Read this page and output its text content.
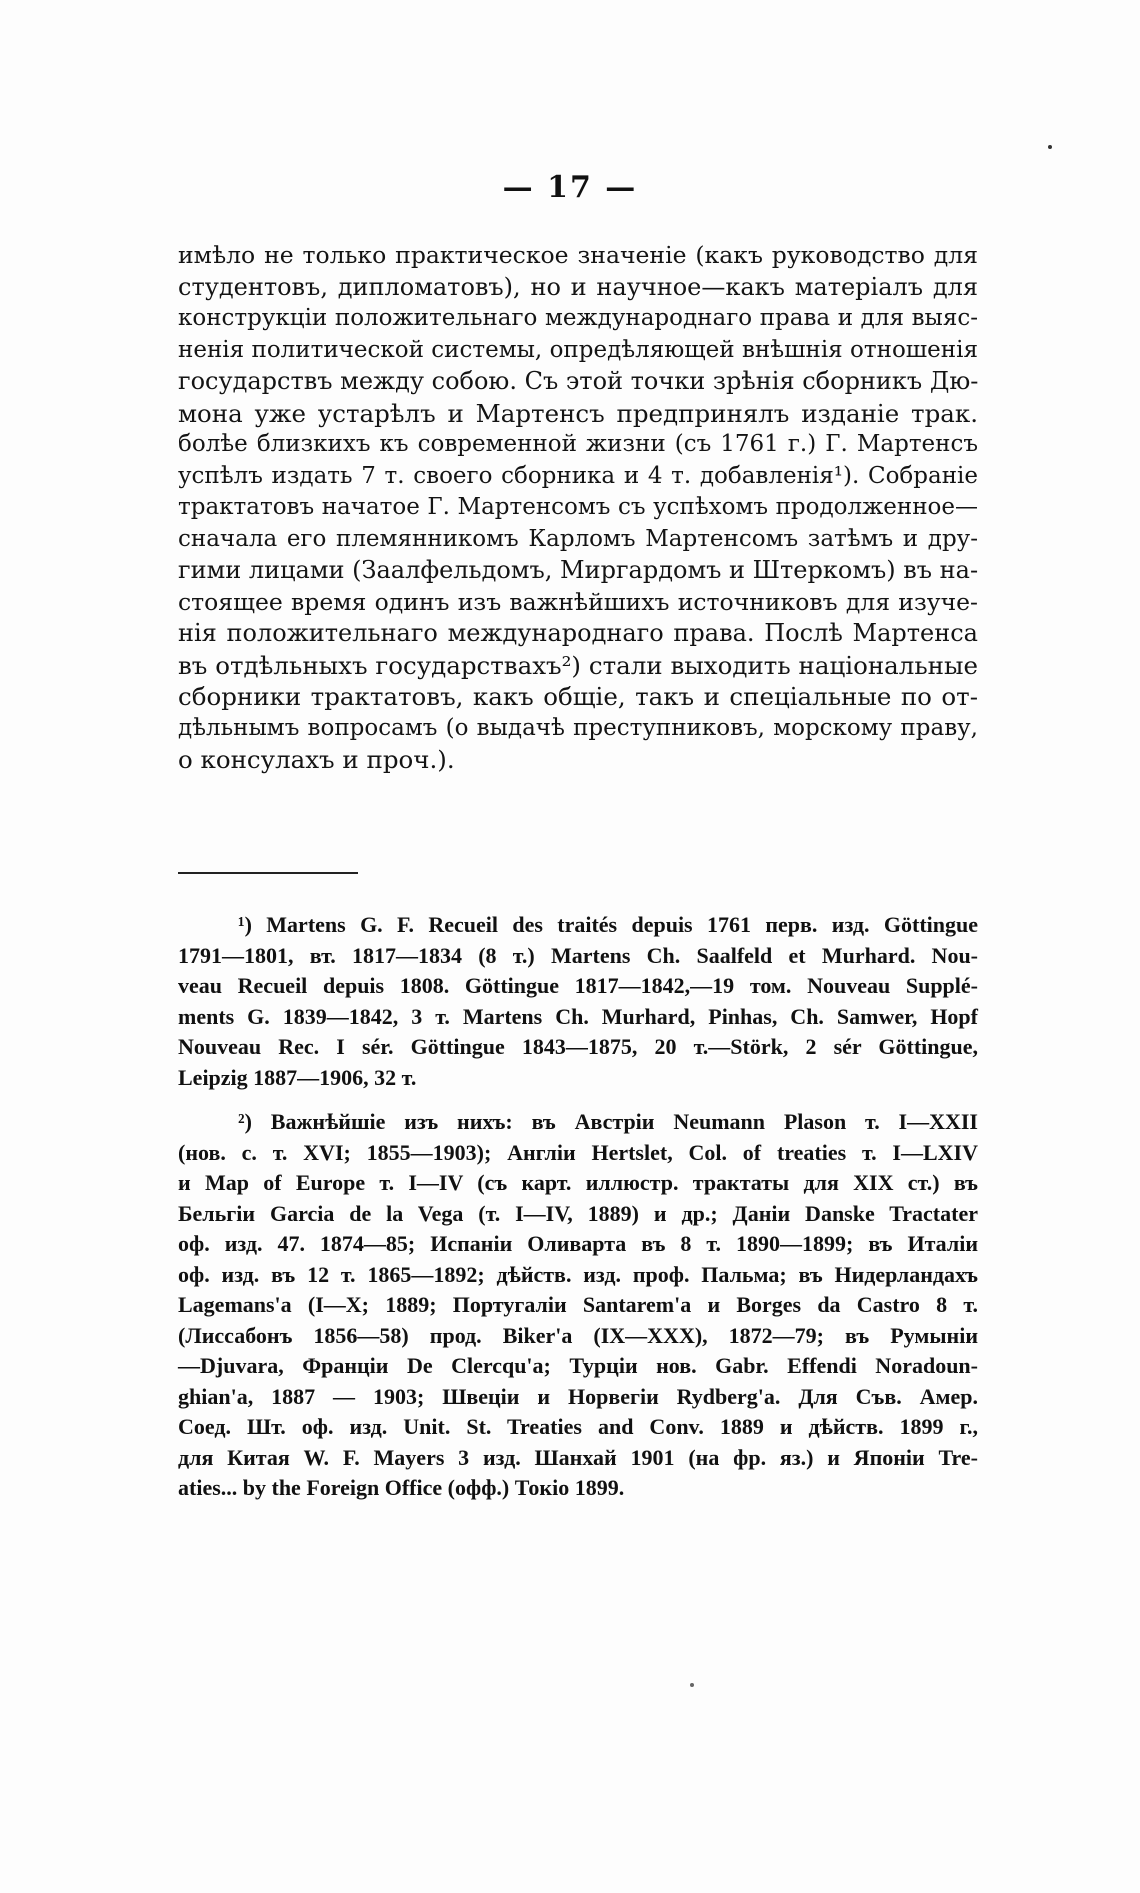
— 17 —
имѣло не только практическое значеніе (какъ руководство для
студентовъ, дипломатовъ), но и научное—какъ матеріалъ для
конструкціи положительнаго международнаго права и для выяс-
ненія политической системы, опредѣляющей внѣшнія отношенія
государствъ между собою. Съ этой точки зрѣнія сборникъ Дю-
мона уже устарѣлъ и Мартенсъ предпринялъ изданіе трак.
болѣе близкихъ къ современной жизни (съ 1761 г.) Г. Мартенсъ
успѣлъ издать 7 т. своего сборника и 4 т. добавленія¹). Собраніе
трактатовъ начатое Г. Мартенсомъ съ успѣхомъ продолженное—
сначала его племянникомъ Карломъ Мартенсомъ затѣмъ и дру-
гими лицами (Заалфельдомъ, Миргардомъ и Штеркомъ) въ на-
стоящее время одинъ изъ важнѣйшихъ источниковъ для изуче-
нія положительнаго международнаго права. Послѣ Мартенса
въ отдѣльныхъ государствахъ²) стали выходить національные
сборники трактатовъ, какъ общіе, такъ и спеціальные по от-
дѣльнымъ вопросамъ (о выдачѣ преступниковъ, морскому праву,
о консулахъ и проч.).
¹) Martens G. F. Recueil des traités depuis 1761 перв. изд. Göttingue
1791—1801, вт. 1817—1834 (8 т.) Martens Ch. Saalfeld et Murhard. Nou-
veau Recueil depuis 1808. Göttingue 1817—1842,—19 том. Nouveau Supplé-
ments G. 1839—1842, 3 т. Martens Ch. Murhard, Pinhas, Ch. Samwer, Hopf
Nouveau Rec. I sér. Göttingue 1843—1875, 20 т.—Störk, 2 sér Göttingue,
Leipzig 1887—1906, 32 т.
²) Важнѣйшіе изъ нихъ: въ Австріи Neumann Plason т. I—XXII
(нов. с. т. XVI; 1855—1903); Англіи Hertslet, Col. of treaties т. I—LXIV
и Map of Europe т. I—IV (съ карт. иллюстр. трактаты для XIX ст.) въ
Бельгіи Garcia de la Vega (т. I—IV, 1889) и др.; Даніи Danske Tractater
оф. изд. 47. 1874—85; Испаніи Оливарта въ 8 т. 1890—1899; въ Италіи
оф. изд. въ 12 т. 1865—1892; дѣйств. изд. проф. Пальма; въ Нидерландахъ
Lagemans'a (I—X; 1889; Португаліи Santarem'a и Borges da Castro 8 т.
(Лиссабонъ 1856—58) прод. Biker'a (IX—XXX), 1872—79; въ Румыніи
—Djuvara, Франціи De Clercqu'a; Турціи нов. Gabr. Effendi Noradoun-
ghian'a, 1887 — 1903; Швеціи и Норвегіи Rydberg'a. Для Съв. Амер.
Соед. Шт. оф. изд. Unit. St. Treaties and Conv. 1889 и дѣйств. 1899 г.,
для Китая W. F. Mayers 3 изд. Шанхай 1901 (на фр. яз.) и Японіи Tre-
aties... by the Foreign Office (офф.) Токіо 1899.
